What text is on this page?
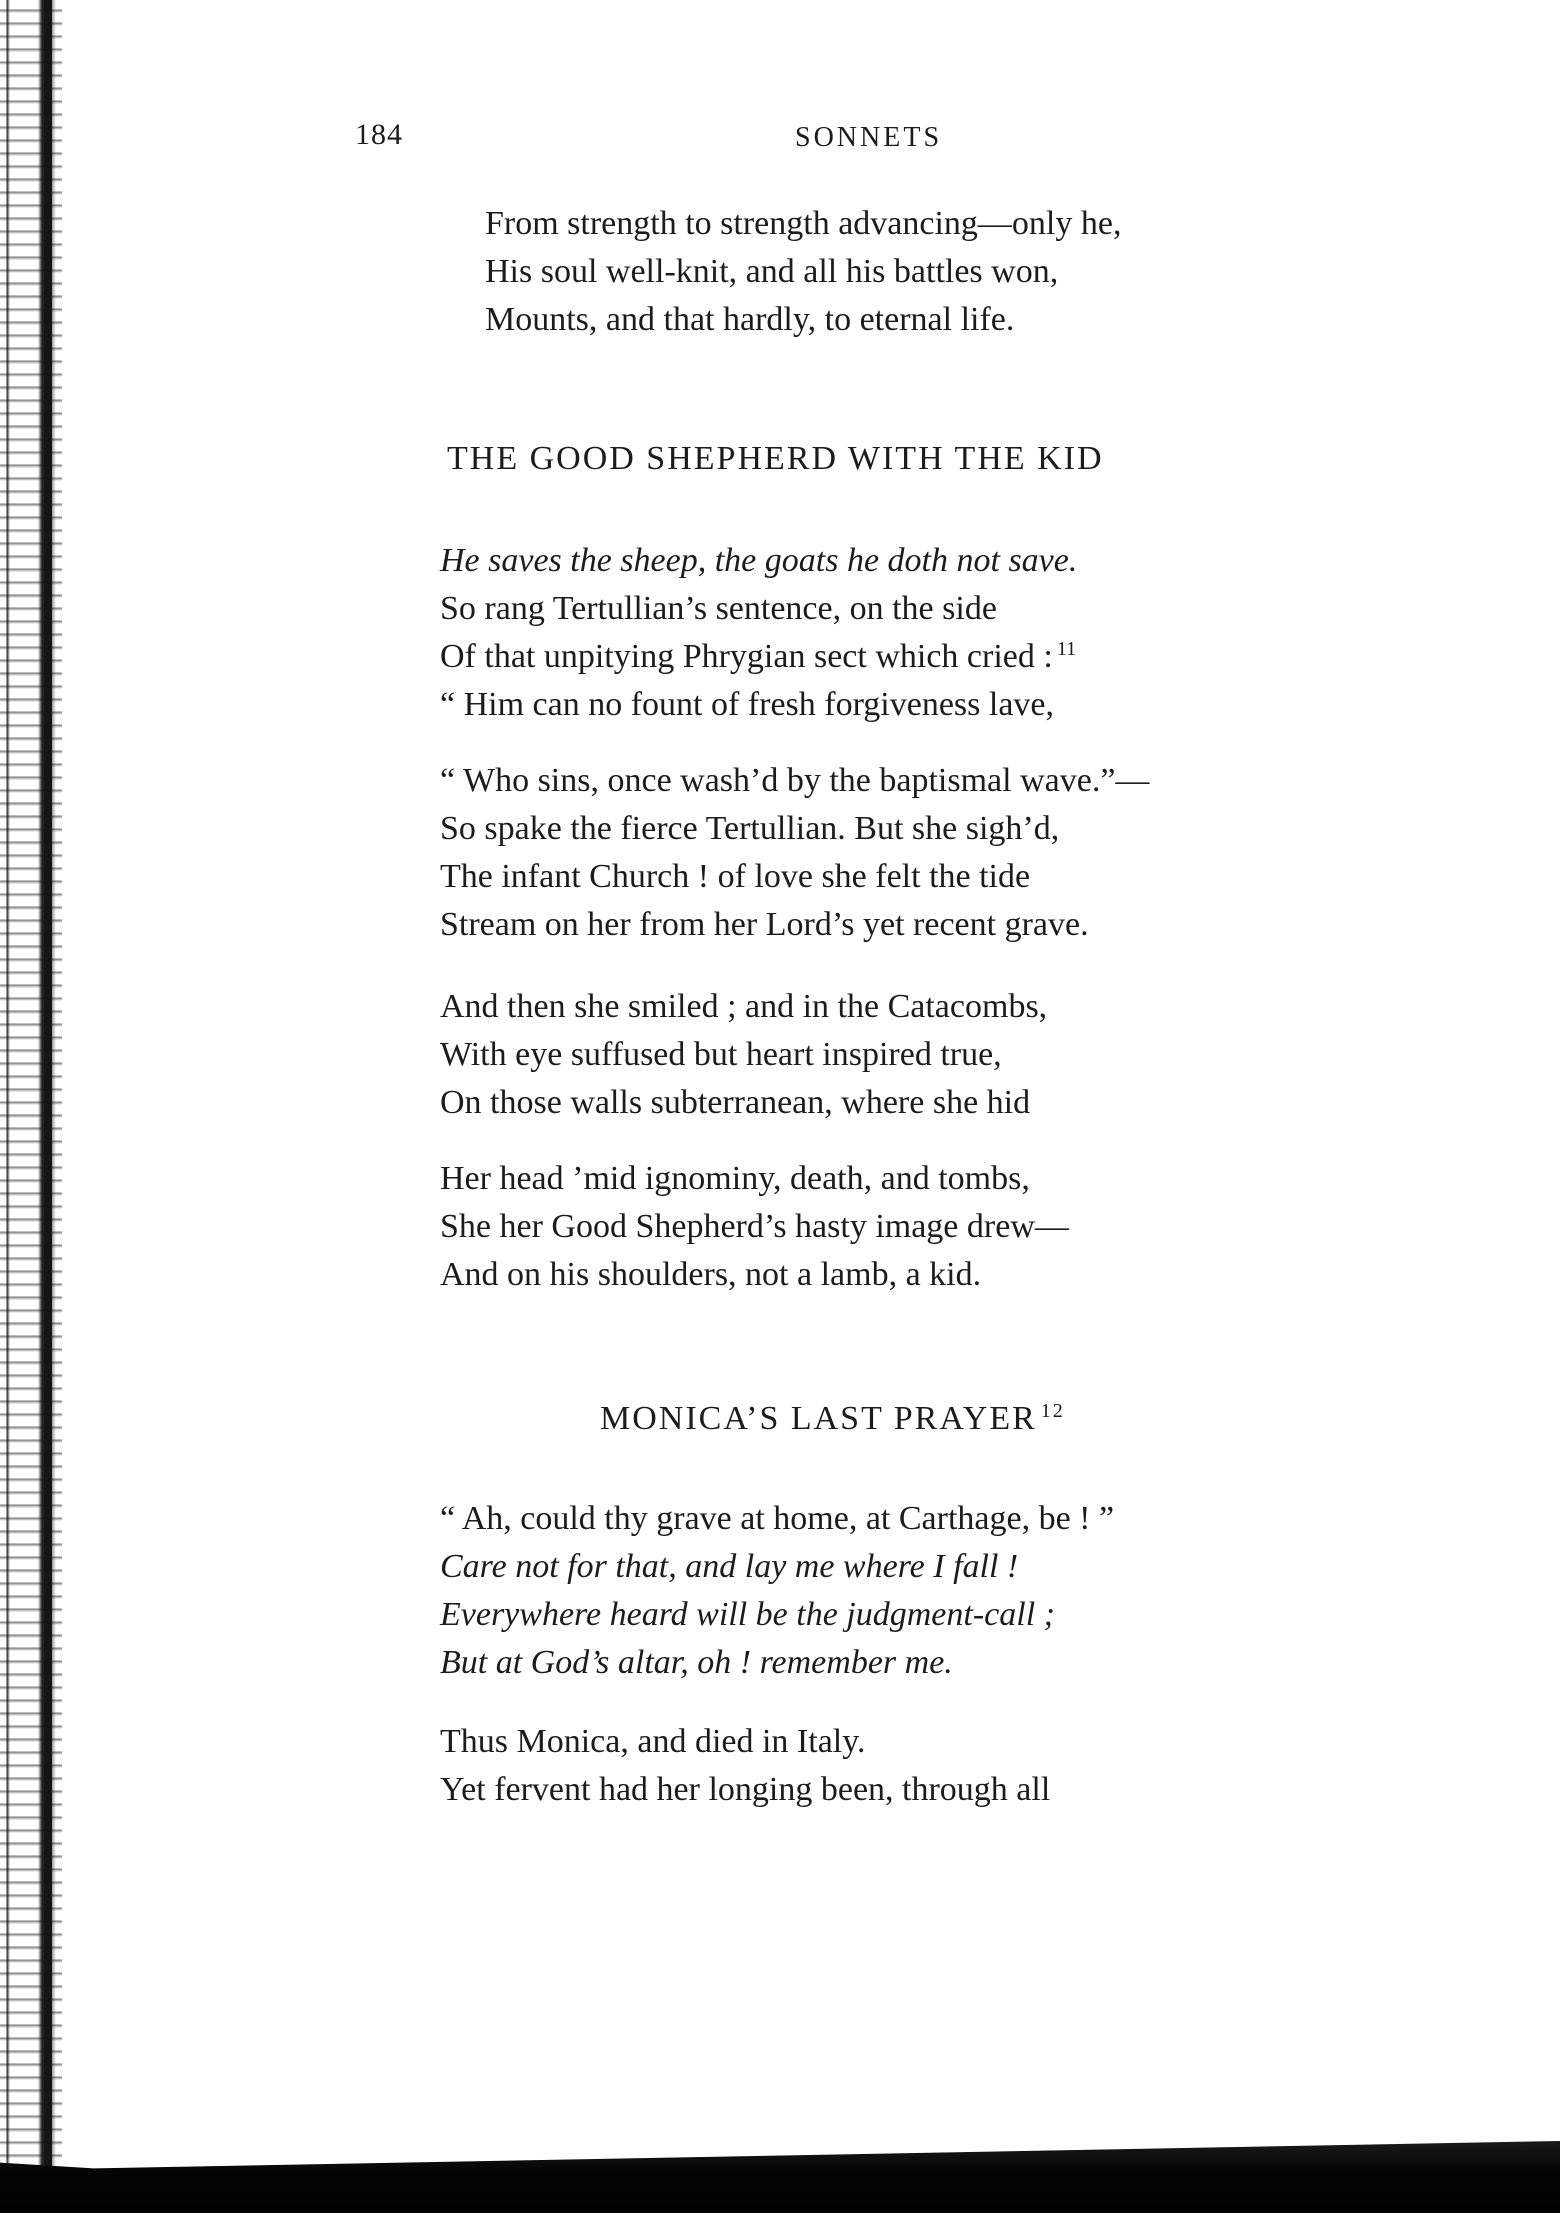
184	SONNETS
From strength to strength advancing—only he,
His soul well-knit, and all his battles won,
Mounts, and that hardly, to eternal life.
THE GOOD SHEPHERD WITH THE KID
He saves the sheep, the goats he doth not save.
So rang Tertullian’s sentence, on the side
Of that unpitying Phrygian sect which cried : $^{11}$
“ Him can no fount of fresh forgiveness lave,
“ Who sins, once wash’d by the baptismal wave.”—
So spake the fierce Tertullian. But she sigh’d,
The infant Church ! of love she felt the tide
Stream on her from her Lord’s yet recent grave.
And then she smiled ; and in the Catacombs,
With eye suffused but heart inspired true,
On those walls subterranean, where she hid
Her head ’mid ignominy, death, and tombs,
She her Good Shepherd’s hasty image drew—
And on his shoulders, not a lamb, a kid.
MONICA’S LAST PRAYER $^{12}$
“ Ah, could thy grave at home, at Carthage, be ! ”
Care not for that, and lay me where I fall !
Everywhere heard will be the judgment-call ;
But at God’s altar, oh ! remember me.
Thus Monica, and died in Italy.
Yet fervent had her longing been, through all
